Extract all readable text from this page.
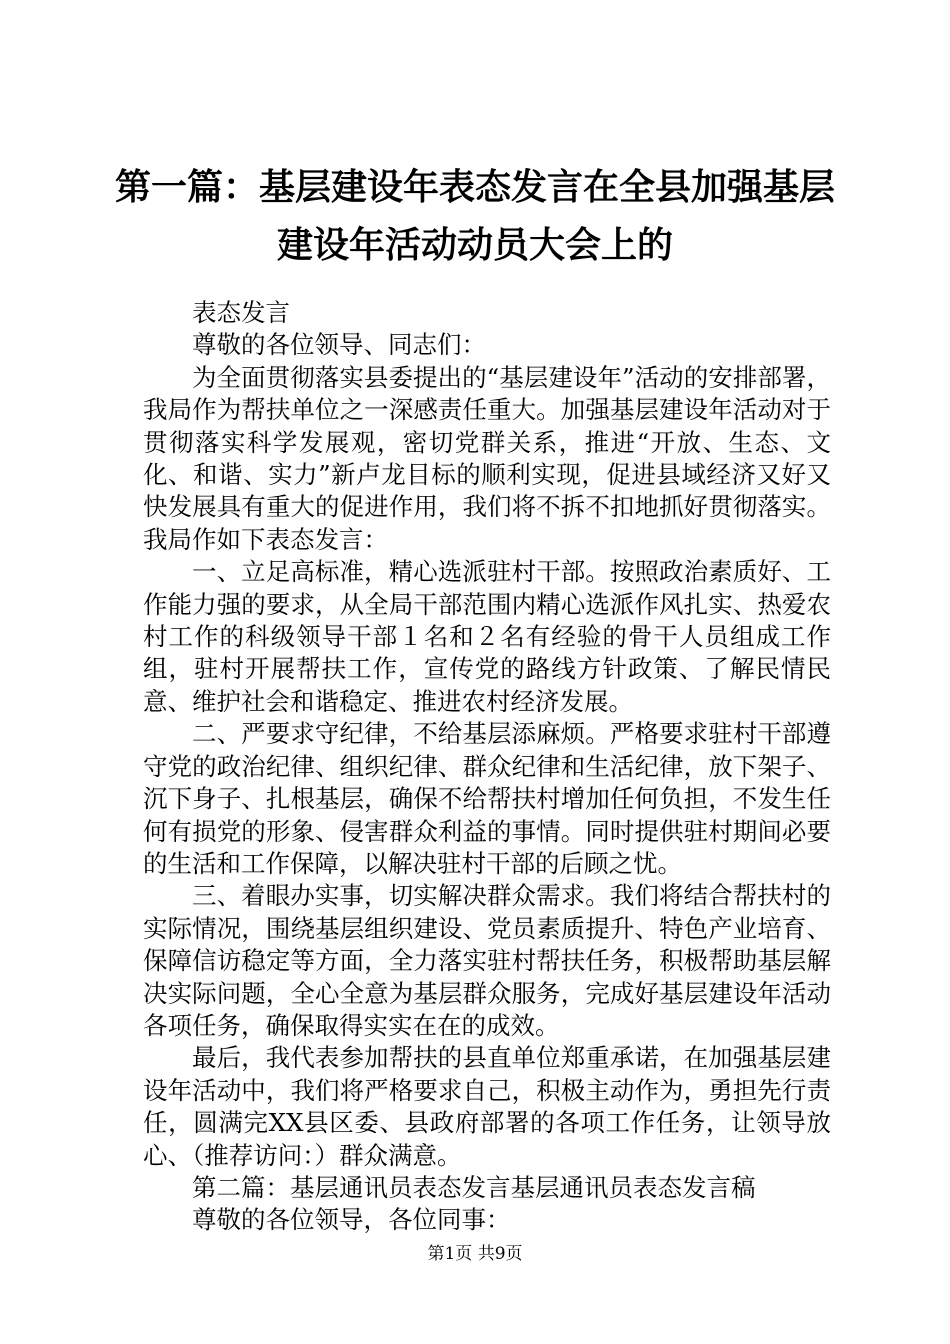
第一篇：基层建设年表态发言在全县加强基层
建设年活动动员大会上的

表态发言

尊敬的各位领导、同志们：

为全面贯彻落实县委提出的“基层建设年”活动的安排部署，我局作为帮扶单位之一深感责任重大。加强基层建设年活动对于贯彻落实科学发展观，密切党群关系，推进“开放、生态、文化、和谐、实力”新卢龙目标的顺利实现，促进县域经济又好又快发展具有重大的促进作用，我们将不拆不扣地抓好贯彻落实。我局作如下表态发言：

一、立足高标准，精心选派驻村干部。按照政治素质好、工作能力强的要求，从全局干部范围内精心选派作风扎实、热爱农村工作的科级领导干部１名和２名有经验的骨干人员组成工作组，驻村开展帮扶工作，宣传党的路线方针政策、了解民情民意、维护社会和谐稳定、推进农村经济发展。

二、严要求守纪律，不给基层添麻烦。严格要求驻村干部遵守党的政治纪律、组织纪律、群众纪律和生活纪律，放下架子、沉下身子、扎根基层，确保不给帮扶村增加任何负担，不发生任何有损党的形象、侵害群众利益的事情。同时提供驻村期间必要的生活和工作保障，以解决驻村干部的后顾之忧。

三、着眼办实事，切实解决群众需求。我们将结合帮扶村的实际情况，围绕基层组织建设、党员素质提升、特色产业培育、保障信访稳定等方面，全力落实驻村帮扶任务，积极帮助基层解决实际问题，全心全意为基层群众服务，完成好基层建设年活动各项任务，确保取得实实在在的成效。

最后，我代表参加帮扶的县直单位郑重承诺，在加强基层建设年活动中，我们将严格要求自己，积极主动作为，勇担先行责任，圆满完XX县区委、县政府部署的各项工作任务，让领导放心、（推荐访问：）群众满意。

第二篇：基层通讯员表态发言基层通讯员表态发言稿

尊敬的各位领导，各位同事：

第1页 共9页
